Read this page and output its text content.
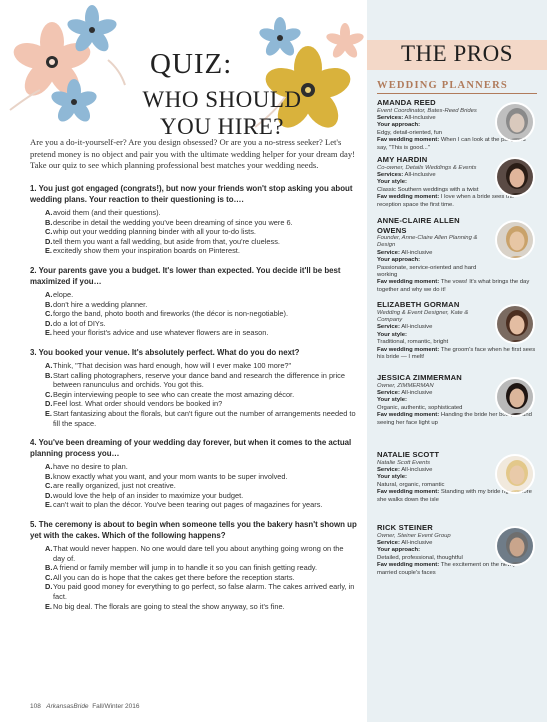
QUIZ:
WHO SHOULD
YOU HIRE?
Are you a do-it-yourself-er? Are you design obsessed? Or are you a no-stress seeker? Let's pretend money is no object and pair you with the ultimate wedding helper for your dream day! Take our quiz to see which planning professional best matches your wedding needs.
1. You just got engaged (congrats!), but now your friends won't stop asking you about wedding plans. Your reaction to their questioning is to….
A. avoid them (and their questions).
B. describe in detail the wedding you've been dreaming of since you were 6.
C. whip out your wedding planning binder with all your to-do lists.
D. tell them you want a fall wedding, but aside from that, you're clueless.
E. excitedly show them your inspiration boards on Pinterest.
2. Your parents gave you a budget. It's lower than expected. You decide it'll be best maximized if you…
A. elope.
B. don't hire a wedding planner.
C. forgo the band, photo booth and fireworks (the décor is non-negotiable).
D. do a lot of DIYs.
E. heed your florist's advice and use whatever flowers are in season.
3. You booked your venue. It's absolutely perfect. What do you do next?
A. Think, "That decision was hard enough, how will I ever make 100 more?"
B. Start calling photographers, reserve your dance band and research the difference in price between ranunculus and orchids. You got this.
C. Begin interviewing people to see who can create the most amazing décor.
D. Feel lost. What order should vendors be booked in?
E. Start fantasizing about the florals, but can't figure out the number of arrangements needed to fill the space.
4. You've been dreaming of your wedding day forever, but when it comes to the actual planning process you…
A. have no desire to plan.
B. know exactly what you want, and your mom wants to be super involved.
C. are really organized, just not creative.
D. would love the help of an insider to maximize your budget.
E. can't wait to plan the décor. You've been tearing out pages of magazines for years.
5. The ceremony is about to begin when someone tells you the bakery hasn't shown up yet with the cakes. Which of the following happens?
A. That would never happen. No one would dare tell you about anything going wrong on the day of.
B. A friend or family member will jump in to handle it so you can finish getting ready.
C. All you can do is hope that the cakes get there before the reception starts.
D. You paid good money for everything to go perfect, so false alarm. The cakes arrived early, in fact.
E. No big deal. The florals are going to steal the show anyway, so it's fine.
108 ArkansasBride Fall/Winter 2016
THE PROS
WEDDING PLANNERS
AMANDA REED
Event Coordinator, Bates-Reed Brides
Services: All-inclusive
Your approach:
Edgy, detail-oriented, fun
Fav wedding moment: When I can look at the party and say, "This is good..."
AMY HARDIN
Co-owner, Details Weddings & Events
Services: All-inclusive
Your style:
Classic Southern weddings with a twist
Fav wedding moment: I love when a bride sees the reception space the first time.
ANNE-CLAIRE ALLEN OWENS
Founder, Anne-Claire Allen Planning & Design
Service: All-inclusive
Your approach:
Passionate, service-oriented and hard working
Fav wedding moment: The vows! It's what brings the day together and why we do it!
ELIZABETH GORMAN
Wedding & Event Designer, Kate & Company
Service: All-inclusive
Your style:
Traditional, romantic, bright
Fav wedding moment: The groom's face when he first sees his bride — I melt!
JESSICA ZIMMERMAN
Owner, ZIMMERMAN
Service: All-inclusive
Your style:
Organic, authentic, sophisticated
Fav wedding moment: Handing the bride her bouquet and seeing her face light up
NATALIE SCOTT
Natalie Scott Events
Service: All-inclusive
Your style:
Natural, organic, romantic
Fav wedding moment: Standing with my bride right before she walks down the isle
RICK STEINER
Owner, Steiner Event Group
Service: All-inclusive
Your approach:
Detailed, professional, thoughtful
Fav wedding moment: The excitement on the newly married couple's faces
